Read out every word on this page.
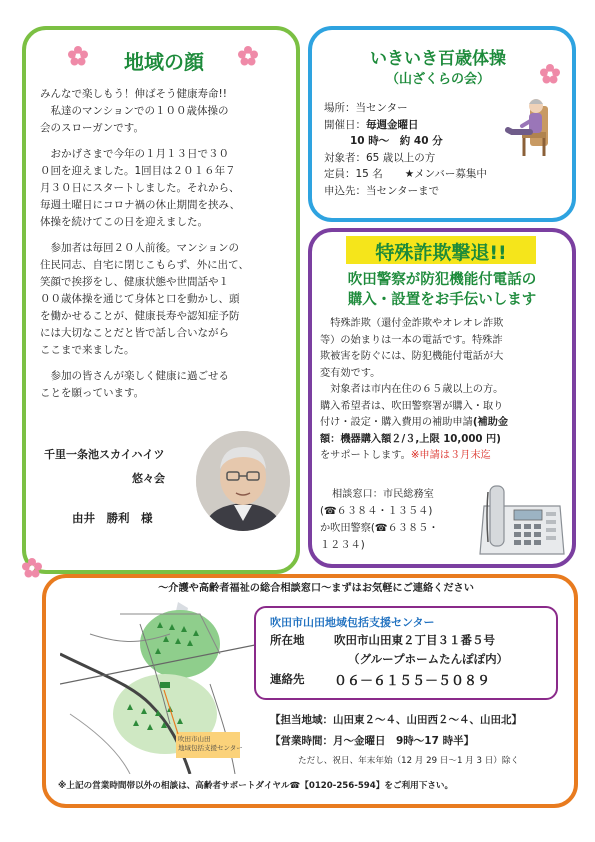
地域の顔

みんなで楽しもう！伸ばそう健康寿命!!

私達のマンションでの１００歳体操の

会のスローガンです。

おかげさまで今年の１月１３日で３０

０回を迎えました。1回目は２０１６年７

月３０日にスタートしました。それから、

毎週土曜日にコロナ禍の休止期間を挟み、

体操を続けてこの日を迎えました。

参加者は毎回２０人前後。マンションの

住民同志、自宅に閉じこもらず、外に出て、

笑顔で挨拶をし、健康状態や世間話や１

００歳体操を通じて身体と口を動かし、頭

を働かせることが、健康長寿や認知症予防

には大切なことだと皆で話し合いながら

ここまで来ました。

参加の皆さんが楽しく健康に過ごせる

ことを願っています。

千里一条池スカイハイツ
悠々会
由井　勝利　様
いきいき百歳体操
（山ざくらの会）

場所：当センター

開催日：毎週金曜日

10 時～　約 40 分

対象者：65 歳以上の方

定員：15 名 ★メンバー募集中

申込先：当センターまで

特殊詐欺撃退!!
吹田警察が防犯機能付電話の
購入・設置をお手伝いします

特殊詐欺（還付金詐欺やオレオレ詐欺

等）の始まりは一本の電話です。特殊詐

欺被害を防ぐには、防犯機能付電話が大

変有効です。

対象者は市内在住の６５歳以上の方。

購入希望者は、吹田警察署が購入・取り

付け・設定・購入費用の補助申請(補助金

額：機器購入額２/３,上限 10,000 円)

をサポートします。※申請は３月末迄

相談窓口：市民総務室

(☎６３８４・１３５４)

か吹田警察(☎６３８５・

１２３４)

～介護や高齢者福祉の総合相談窓口～まずはお気軽にご連絡ください
吹田市山田
地域包括支援センター
吹田市山田地域包括支援センター
所在地	吹田市山田東２丁目３１番５号
（グループホームたんぽぽ内）
連絡先 ０６－６１５５－５０８９
【担当地域：山田東２～４、山田西２～４、山田北】
【営業時間：月～金曜日　9時～17 時半】
ただし、祝日、年末年始（12 月 29 日～1 月 3 日）除く
※上記の営業時間帯以外の相談は、高齢者サポートダイヤル☎【0120-256-594】をご利用下さい。
